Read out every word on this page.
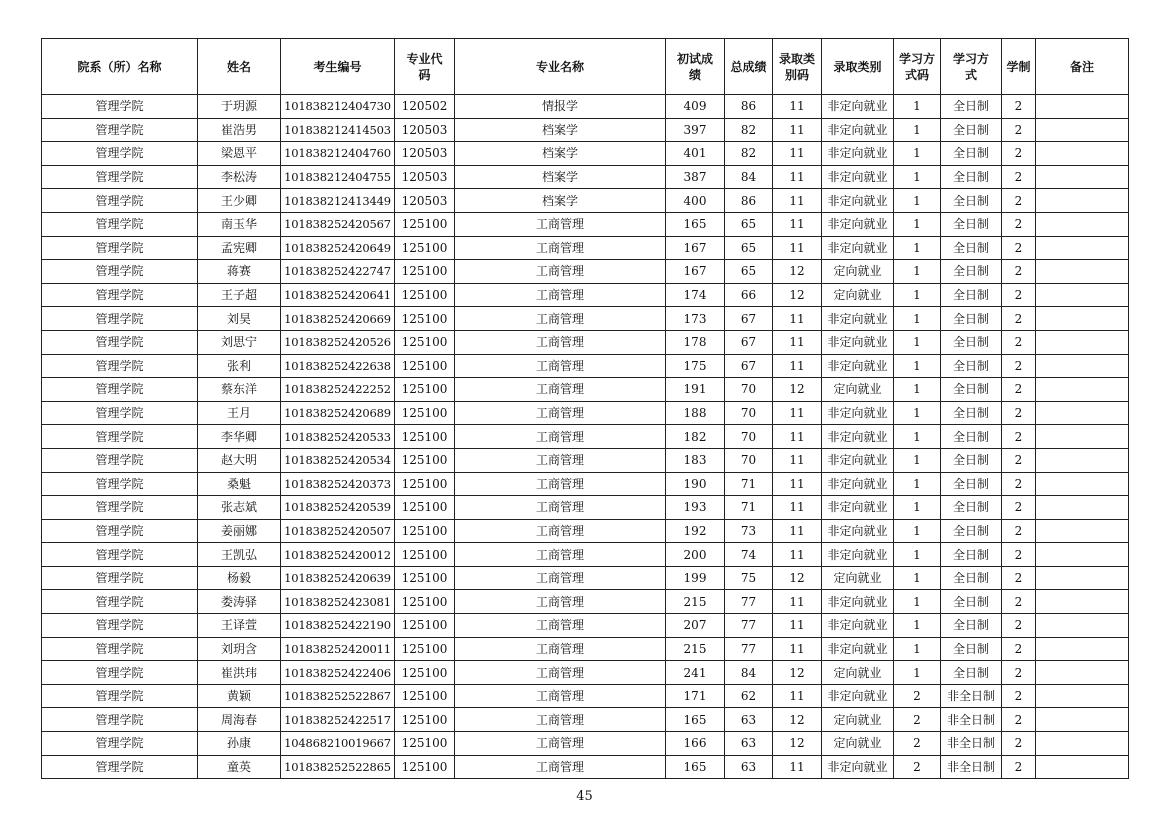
院系（所）名称	姓名	考生编号	专业代码	专业名称	初试成绩	总成绩	录取类别码	录取类别	学习方式码	学习方式	学制	备注
管理学院	于玥源	101838212404730	120502	情报学	409	86	11	非定向就业	1	全日制	2	
管理学院	崔浩男	101838212414503	120503	档案学	397	82	11	非定向就业	1	全日制	2	
管理学院	梁恩平	101838212404760	120503	档案学	401	82	11	非定向就业	1	全日制	2	
管理学院	李松涛	101838212404755	120503	档案学	387	84	11	非定向就业	1	全日制	2	
管理学院	王少卿	101838212413449	120503	档案学	400	86	11	非定向就业	1	全日制	2	
管理学院	南玉华	101838252420567	125100	工商管理	165	65	11	非定向就业	1	全日制	2	
管理学院	孟宪卿	101838252420649	125100	工商管理	167	65	11	非定向就业	1	全日制	2	
管理学院	蒋赛	101838252422747	125100	工商管理	167	65	12	定向就业	1	全日制	2	
管理学院	王子超	101838252420641	125100	工商管理	174	66	12	定向就业	1	全日制	2	
管理学院	刘昊	101838252420669	125100	工商管理	173	67	11	非定向就业	1	全日制	2	
管理学院	刘思宁	101838252420526	125100	工商管理	178	67	11	非定向就业	1	全日制	2	
管理学院	张利	101838252422638	125100	工商管理	175	67	11	非定向就业	1	全日制	2	
管理学院	蔡东洋	101838252422252	125100	工商管理	191	70	12	定向就业	1	全日制	2	
管理学院	王月	101838252420689	125100	工商管理	188	70	11	非定向就业	1	全日制	2	
管理学院	李华卿	101838252420533	125100	工商管理	182	70	11	非定向就业	1	全日制	2	
管理学院	赵大明	101838252420534	125100	工商管理	183	70	11	非定向就业	1	全日制	2	
管理学院	桑魁	101838252420373	125100	工商管理	190	71	11	非定向就业	1	全日制	2	
管理学院	张志斌	101838252420539	125100	工商管理	193	71	11	非定向就业	1	全日制	2	
管理学院	姜丽娜	101838252420507	125100	工商管理	192	73	11	非定向就业	1	全日制	2	
管理学院	王凯弘	101838252420012	125100	工商管理	200	74	11	非定向就业	1	全日制	2	
管理学院	杨毅	101838252420639	125100	工商管理	199	75	12	定向就业	1	全日制	2	
管理学院	娄涛驿	101838252423081	125100	工商管理	215	77	11	非定向就业	1	全日制	2	
管理学院	王译萱	101838252422190	125100	工商管理	207	77	11	非定向就业	1	全日制	2	
管理学院	刘玥含	101838252420011	125100	工商管理	215	77	11	非定向就业	1	全日制	2	
管理学院	崔洪玮	101838252422406	125100	工商管理	241	84	12	定向就业	1	全日制	2	
管理学院	黄颖	101838252522867	125100	工商管理	171	62	11	非定向就业	2	非全日制	2	
管理学院	周海春	101838252422517	125100	工商管理	165	63	12	定向就业	2	非全日制	2	
管理学院	孙康	104868210019667	125100	工商管理	166	63	12	定向就业	2	非全日制	2	
管理学院	童英	101838252522865	125100	工商管理	165	63	11	非定向就业	2	非全日制	2	
45
